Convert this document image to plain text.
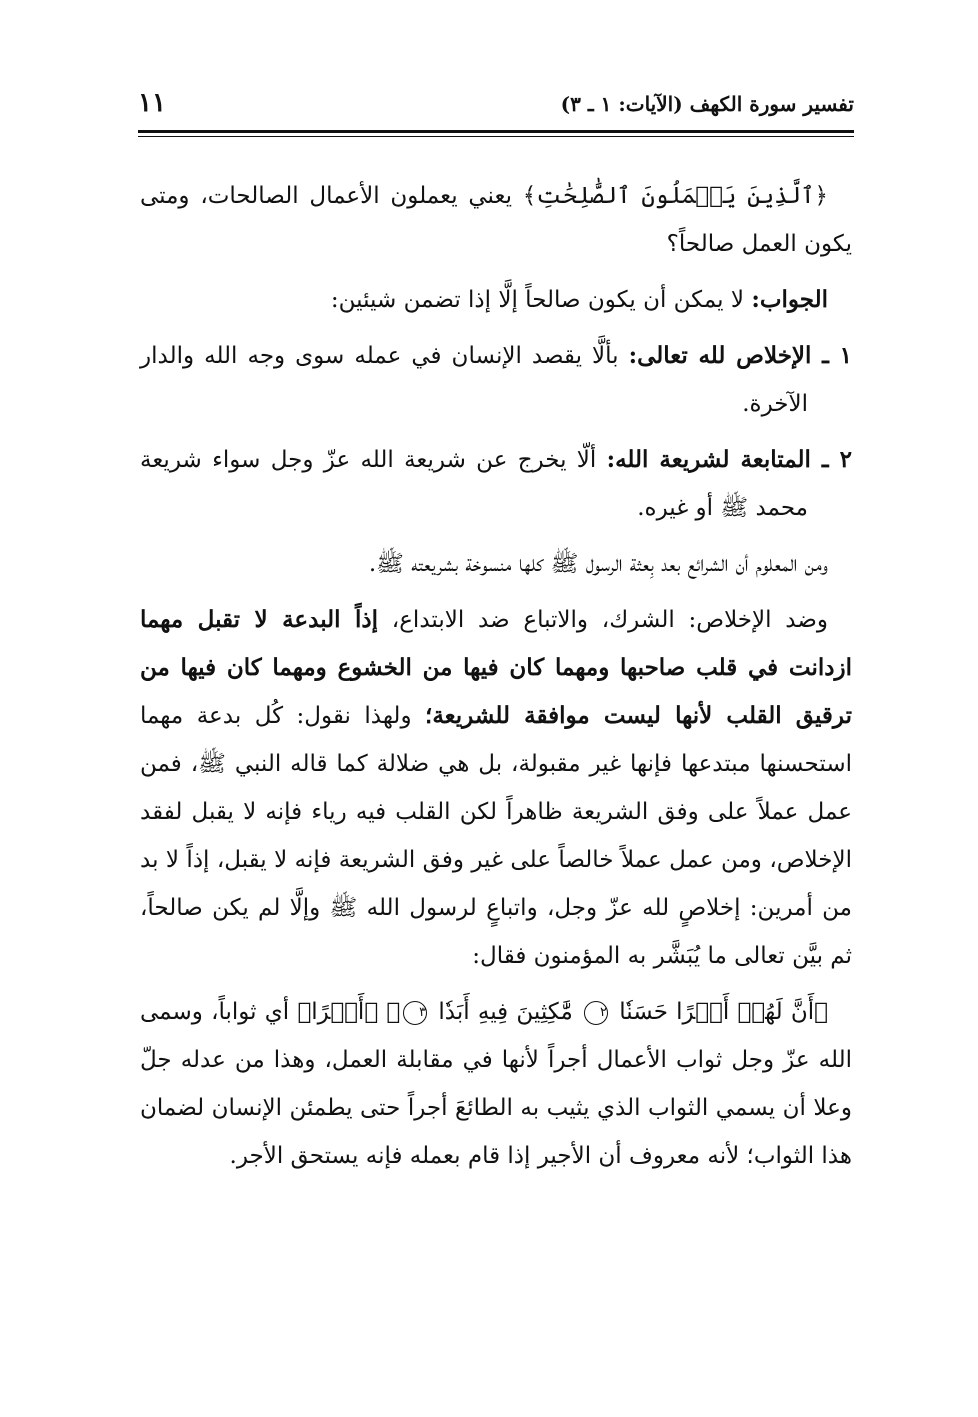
تفسير سورة الكهف (الآيات: ١ ـ ٣)
١١

﴿ٱلَّذِينَ يَعۡمَلُونَ ٱلصَّٰلِحَٰتِ﴾ يعني يعملون الأعمال الصالحات، ومتى يكون العمل صالحاً؟

الجواب: لا يمكن أن يكون صالحاً إلَّا إذا تضمن شيئين:

١ ـ الإخلاص لله تعالى: بألَّا يقصد الإنسان في عمله سوى وجه الله والدار الآخرة.

٢ ـ المتابعة لشريعة الله: ألّا يخرج عن شريعة الله عزّ وجل سواء شريعة محمد ﷺ أو غيره.

ومن المعلوم أن الشرائع بعد بِعثة الرسول ﷺ كلها منسوخة بشريعته ﷺ.

وضد الإخلاص: الشرك، والاتباع ضد الابتداع، إذاً البدعة لا تقبل مهما ازدانت في قلب صاحبها ومهما كان فيها من الخشوع ومهما كان فيها من ترقيق القلب لأنها ليست موافقة للشريعة؛ ولهذا نقول: كُل بدعة مهما استحسنها مبتدعها فإنها غير مقبولة، بل هي ضلالة كما قاله النبي ﷺ، فمن عمل عملاً على وفق الشريعة ظاهراً لكن القلب فيه رياء فإنه لا يقبل لفقد الإخلاص، ومن عمل عملاً خالصاً على غير وفق الشريعة فإنه لا يقبل، إذاً لا بد من أمرين: إخلاصٍ لله عزّ وجل، واتباعٍ لرسول الله ﷺ وإلَّا لم يكن صالحاً، ثم بيَّن تعالى ما يُبَشَّر به المؤمنون فقال:

﴿أَنَّ لَهُمۡ أَجۡرًا حَسَنٗا ٢ مَّٰكِثِينَ فِيهِ أَبَدٗا ٣﴾ ﴿أَجۡرًا﴾ أي ثواباً، وسمى الله عزّ وجل ثواب الأعمال أجراً لأنها في مقابلة العمل، وهذا من عدله جلّ وعلا أن يسمي الثواب الذي يثيب به الطائعَ أجراً حتى يطمئن الإنسان لضمان هذا الثواب؛ لأنه معروف أن الأجير إذا قام بعمله فإنه يستحق الأجر.
